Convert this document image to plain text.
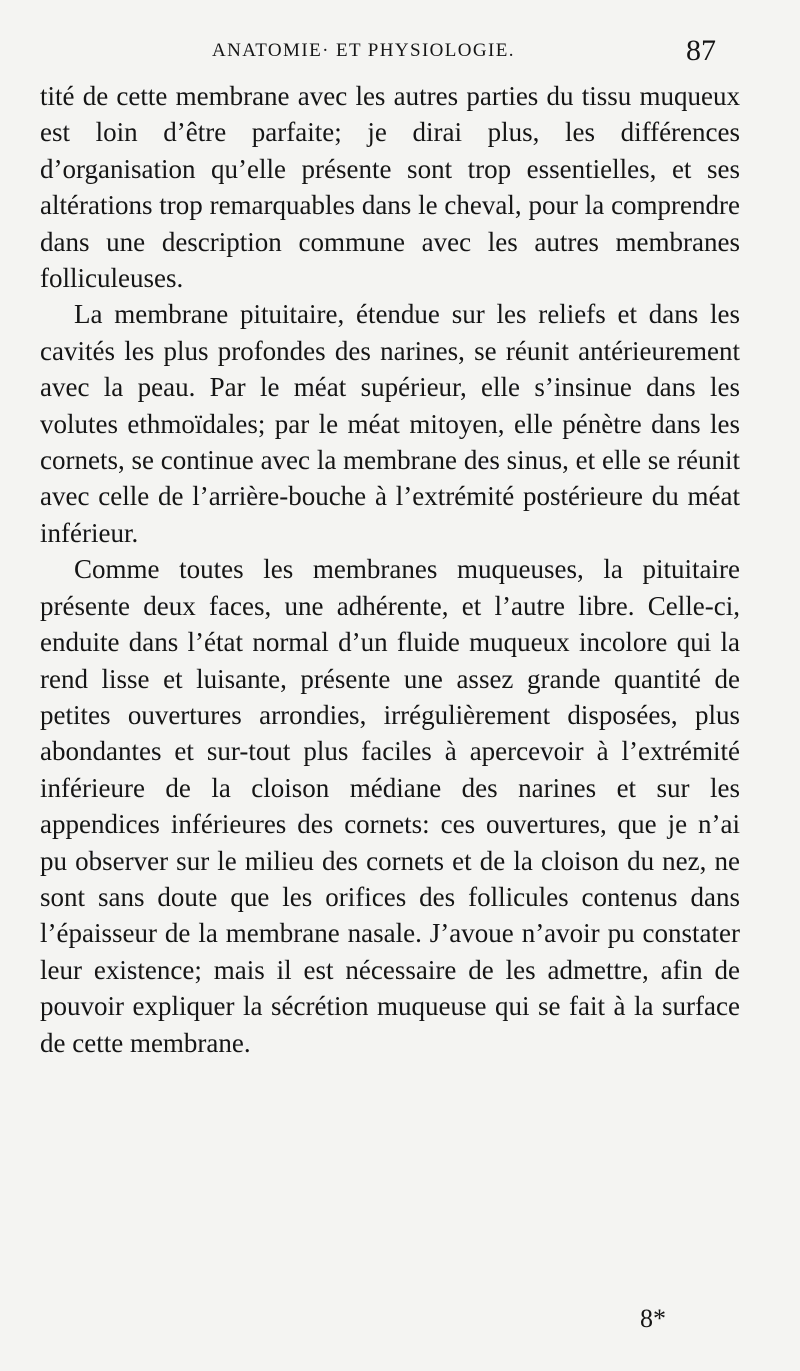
ANATOMIE· ET PHYSIOLOGIE.	87

tité de cette membrane avec les autres parties du tissu muqueux est loin d’être parfaite; je dirai plus, les différences d’organisation qu’elle présente sont trop essentielles, et ses altérations trop remarquables dans le cheval, pour la comprendre dans une description commune avec les autres membranes folliculeuses.

La membrane pituitaire, étendue sur les reliefs et dans les cavités les plus profondes des narines, se réunit antérieurement avec la peau. Par le méat supérieur, elle s’insinue dans les volutes ethmoïdales; par le méat mitoyen, elle pénètre dans les cornets, se continue avec la membrane des sinus, et elle se réunit avec celle de l’arrière-bouche à l’extrémité postérieure du méat inférieur.

Comme toutes les membranes muqueuses, la pituitaire présente deux faces, une adhérente, et l’autre libre. Celle-ci, enduite dans l’état normal d’un fluide muqueux incolore qui la rend lisse et luisante, présente une assez grande quantité de petites ouvertures arrondies, irrégulièrement disposées, plus abondantes et sur-tout plus faciles à apercevoir à l’extrémité inférieure de la cloison médiane des narines et sur les appendices inférieures des cornets: ces ouvertures, que je n’ai pu observer sur le milieu des cornets et de la cloison du nez, ne sont sans doute que les orifices des follicules contenus dans l’épaisseur de la membrane nasale. J’avoue n’avoir pu constater leur existence; mais il est nécessaire de les admettre, afin de pouvoir expliquer la sécrétion muqueuse qui se fait à la surface de cette membrane.

8*
